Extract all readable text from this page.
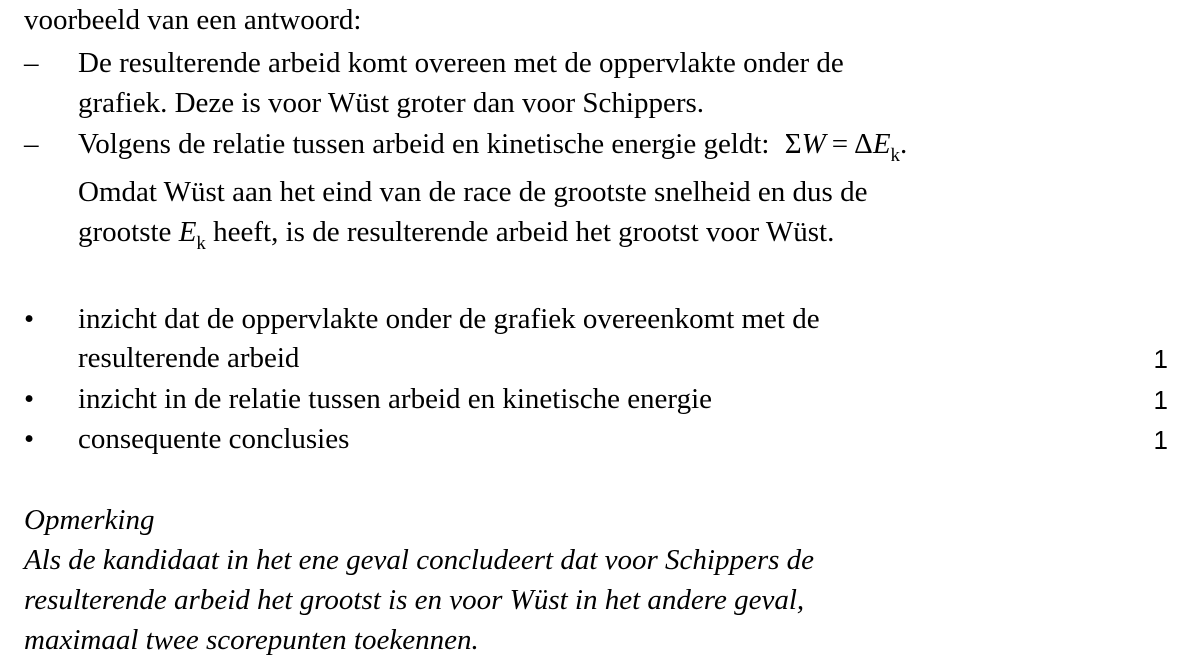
voorbeeld van een antwoord:
– De resulterende arbeid komt overeen met de oppervlakte onder de
grafiek. Deze is voor Wüst groter dan voor Schippers.
– Volgens de relatie tussen arbeid en kinetische energie geldt: $\Sigma W = \Delta E_k$.
Omdat Wüst aan het eind van de race de grootste snelheid en dus de
grootste $E_k$ heeft, is de resulterende arbeid het grootst voor Wüst.
• inzicht dat de oppervlakte onder de grafiek overeenkomt met de
resulterende arbeid	1
• inzicht in de relatie tussen arbeid en kinetische energie	1
• consequente conclusies	1
Opmerking
Als de kandidaat in het ene geval concludeert dat voor Schippers de
resulterende arbeid het grootst is en voor Wüst in het andere geval,
maximaal twee scorepunten toekennen.
